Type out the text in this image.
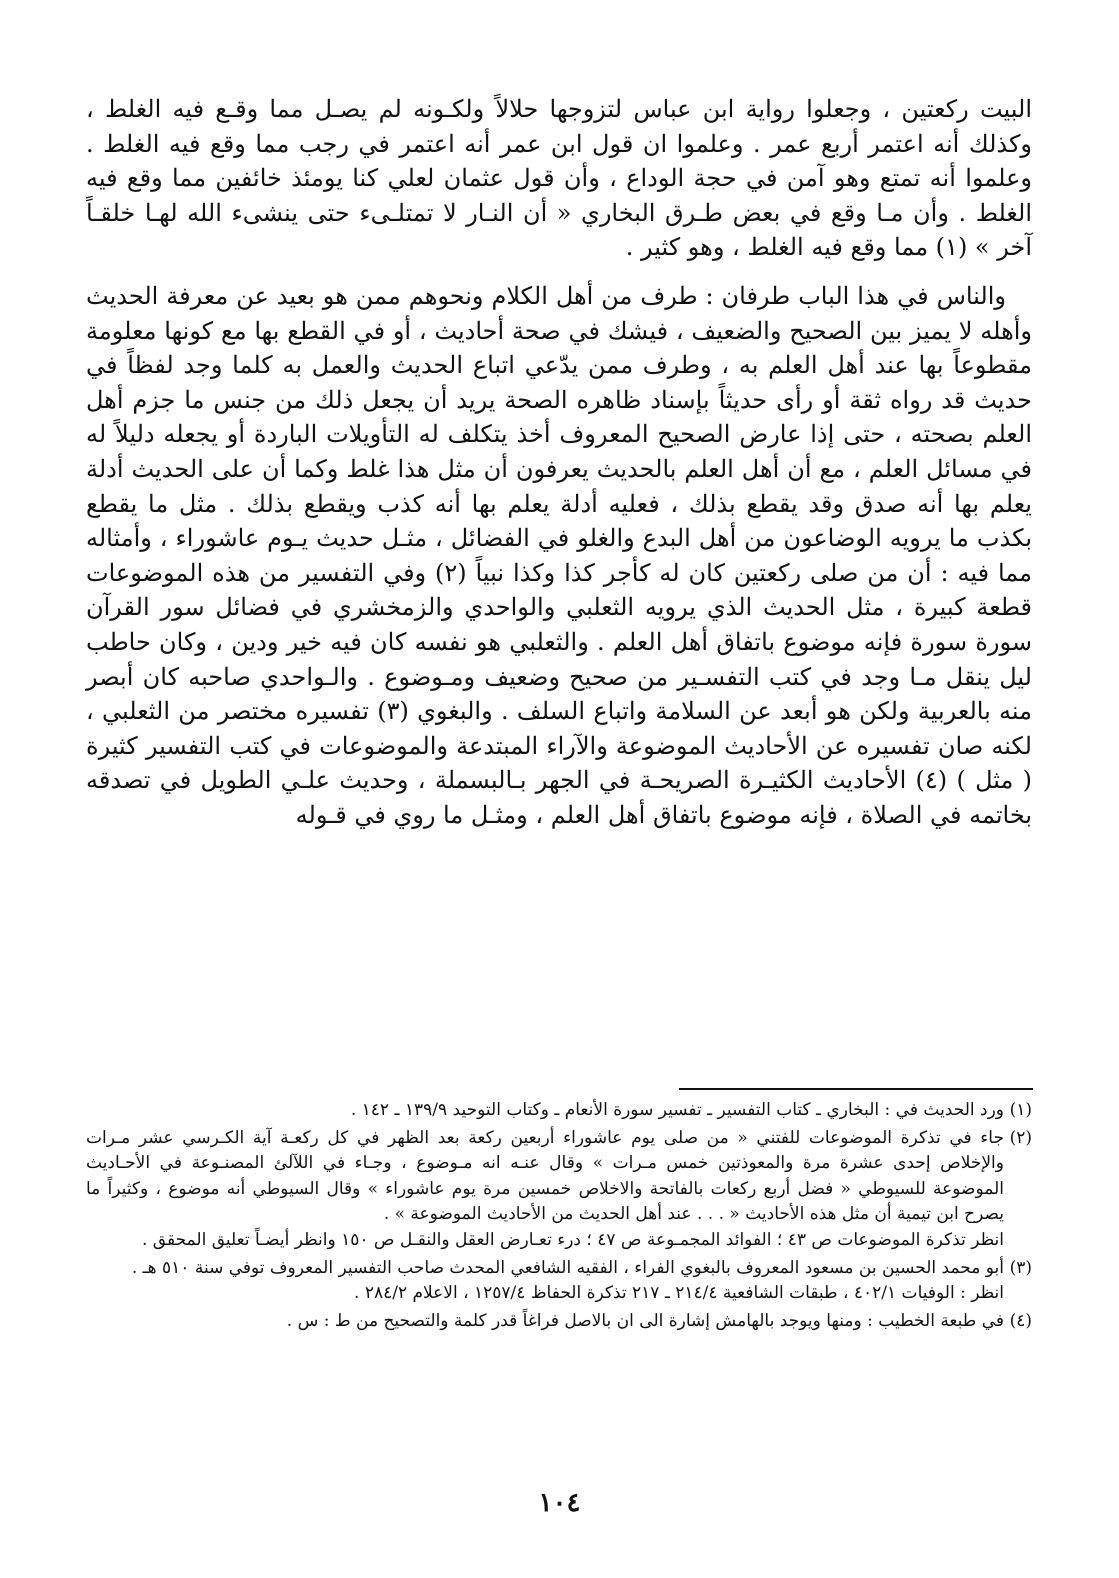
البيت ركعتين ، وجعلوا رواية ابن عباس لتزوجها حلالاً ولكـونه لم يصـل مما وقـع فيه الغلط ، وكذلك أنه اعتمر أربع عمر . وعلموا ان قول ابن عمر أنه اعتمر في رجب مما وقع فيه الغلط . وعلموا أنه تمتع وهو آمن في حجة الوداع ، وأن قول عثمان لعلي كنا يومئذ خائفين مما وقع فيه الغلط . وأن مـا وقع في بعض طـرق البخاري « أن النـار لا تمتلـىء حتى ينشىء الله لهـا خلقـاً آخر » (١) مما وقع فيه الغلط ، وهو كثير .

والناس في هذا الباب طرفان : طرف من أهل الكلام ونحوهم ممن هو بعيد عن معرفة الحديث وأهله لا يميز بين الصحيح والضعيف ، فيشك في صحة أحاديث ، أو في القطع بها مع كونها معلومة مقطوعاً بها عند أهل العلم به ، وطرف ممن يدّعي اتباع الحديث والعمل به كلما وجد لفظاً في حديث قد رواه ثقة أو رأى حديثاً بإسناد ظاهره الصحة يريد أن يجعل ذلك من جنس ما جزم أهل العلم بصحته ، حتى إذا عارض الصحيح المعروف أخذ يتكلف له التأويلات الباردة أو يجعله دليلاً له في مسائل العلم ، مع أن أهل العلم بالحديث يعرفون أن مثل هذا غلط وكما أن على الحديث أدلة يعلم بها أنه صدق وقد يقطع بذلك ، فعليه أدلة يعلم بها أنه كذب ويقطع بذلك . مثل ما يقطع بكذب ما يرويه الوضاعون من أهل البدع والغلو في الفضائل ، مثـل حديث يـوم عاشوراء ، وأمثاله مما فيه : أن من صلى ركعتين كان له كأجر كذا وكذا نبياً (٢) وفي التفسير من هذه الموضوعات قطعة كبيرة ، مثل الحديث الذي يرويه الثعلبي والواحدي والزمخشري في فضائل سور القرآن سورة سورة فإنه موضوع باتفاق أهل العلم . والثعلبي هو نفسه كان فيه خير ودين ، وكان حاطب ليل ينقل مـا وجد في كتب التفسـير من صحيح وضعيف ومـوضوع . والـواحدي صاحبه كان أبصر منه بالعربية ولكن هو أبعد عن السلامة واتباع السلف . والبغوي (٣) تفسيره مختصر من الثعلبي ، لكنه صان تفسيره عن الأحاديث الموضوعة والآراء المبتدعة والموضوعات في كتب التفسير كثيرة ( مثل ) (٤) الأحاديث الكثيـرة الصريحـة في الجهر بـالبسملة ، وحديث علـي الطويل في تصدقه بخاتمه في الصلاة ، فإنه موضوع باتفاق أهل العلم ، ومثـل ما روي في قـوله

(١)
ورد الحديث في : البخاري ـ كتاب التفسير ـ تفسير سورة الأنعام ـ وكتاب التوحيد ١٣٩/٩ ـ ١٤٢ .
(٢)
جاء في تذكرة الموضوعات للفتني « من صلى يوم عاشوراء أربعين ركعة بعد الظهر في كل ركعـة آية الكـرسي عشر مـرات والإخلاص إحدى عشرة مرة والمعوذتين خمس مـرات » وقال عنـه انه مـوضوع ، وجـاء في اللآلئ المصنـوعة في الأحـاديث الموضوعة للسيوطي « فضل أربع ركعات بالفاتحة والاخلاص خمسين مرة يوم عاشوراء » وقال السيوطي أنه موضوع ، وكثيراً ما يصرح ابن تيمية أن مثل هذه الأحاديث « . . . عند أهل الحديث من الأحاديث الموضوعة » .
انظر تذكرة الموضوعات ص ٤٣ ؛ الفوائد المجمـوعة ص ٤٧ ؛ درء تعـارض العقل والنقـل ص ١٥٠ وانظر أيضـاً تعليق المحقق .
(٣)
أبو محمد الحسين بن مسعود المعروف بالبغوي الفراء ، الفقيه الشافعي المحدث صاحب التفسير المعروف توفي سنة ٥١٠ هـ .
انظر : الوفيات ٤٠٢/١ ، طبقات الشافعية ٢١٤/٤ ـ ٢١٧ تذكرة الحفاظ ١٢٥٧/٤ ، الاعلام ٢٨٤/٢ .
(٤)
في طبعة الخطيب : ومنها ويوجد بالهامش إشارة الى ان بالاصل فراغاً قدر كلمة والتصحيح من ط : س .
١٠٤
